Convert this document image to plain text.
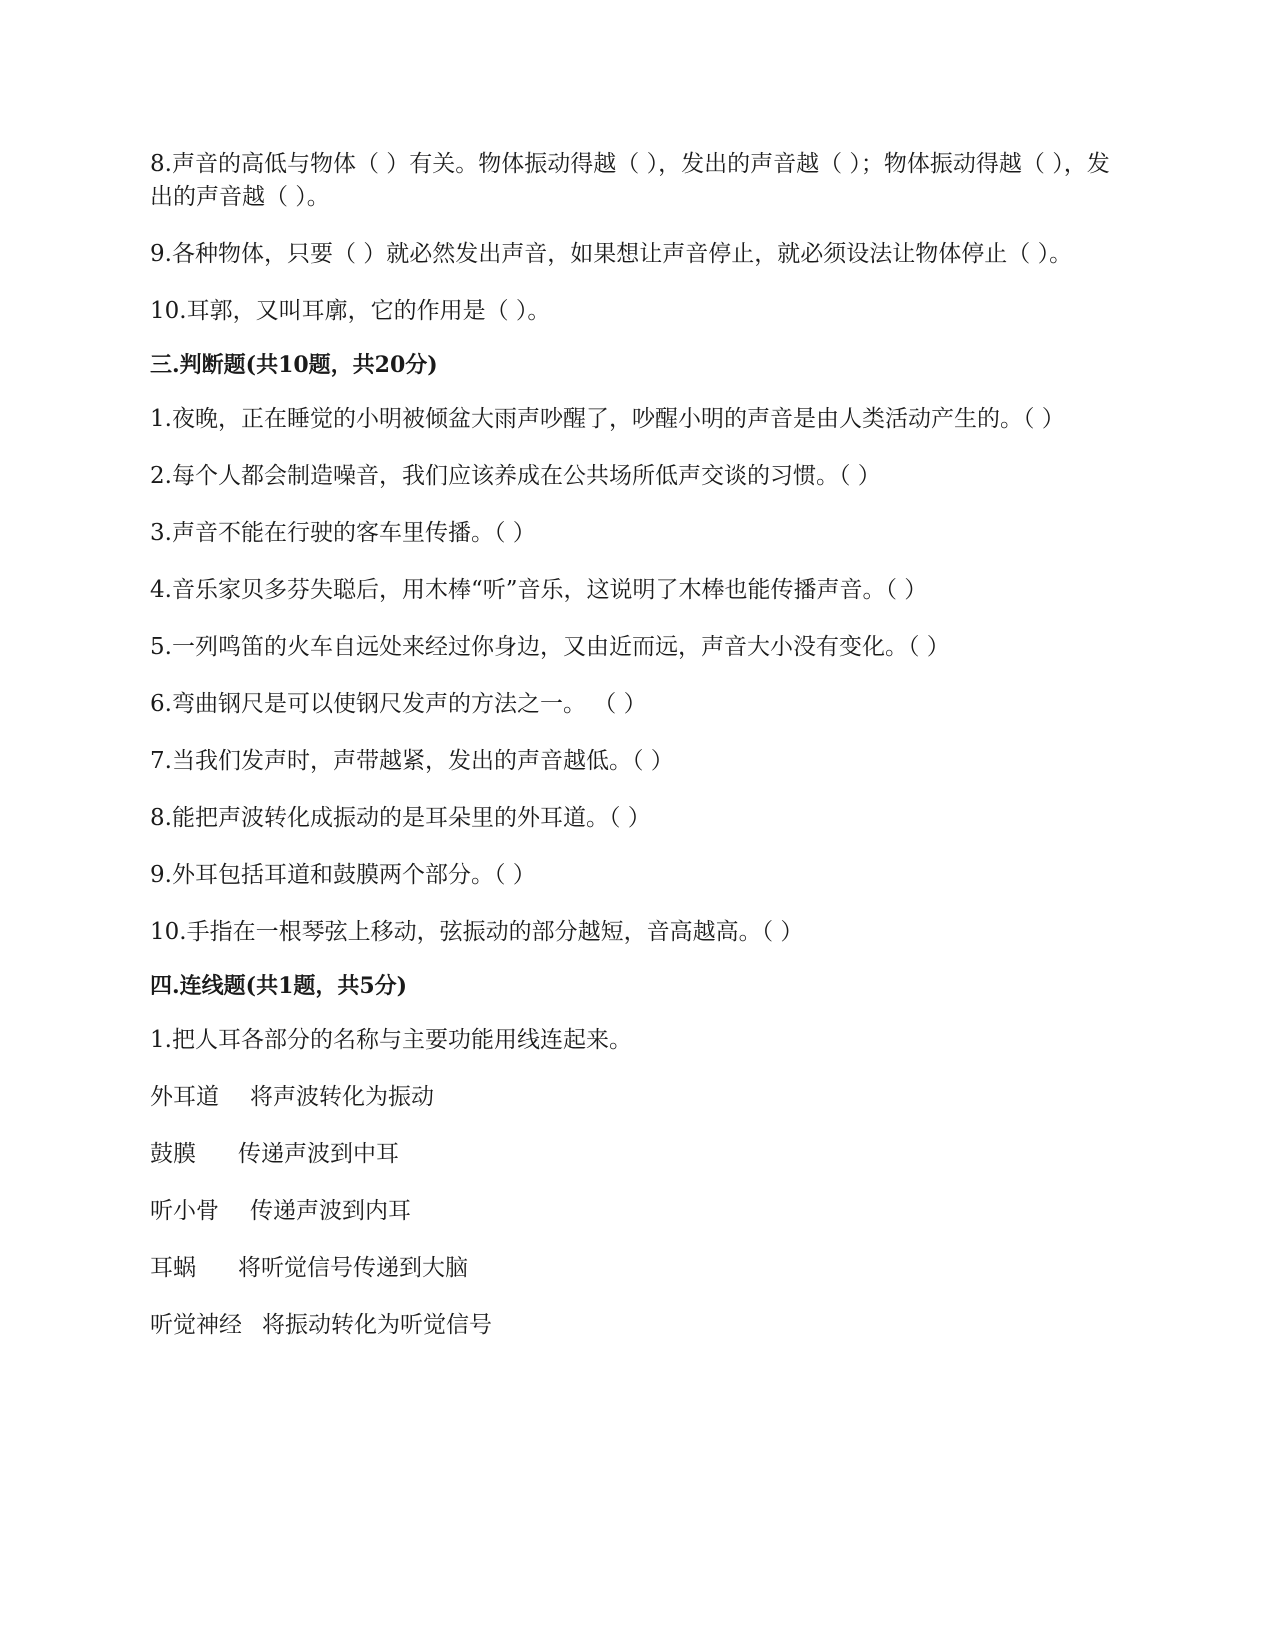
8.声音的高低与物体（ ）有关。物体振动得越（ ），发出的声音越（ ）；物体振动得越（ ），发出的声音越（ ）。

9.各种物体，只要（ ）就必然发出声音，如果想让声音停止，就必须设法让物体停止（ ）。

10.耳郭，又叫耳廓，它的作用是（ ）。

三.判断题(共10题，共20分)

1.夜晚，正在睡觉的小明被倾盆大雨声吵醒了，吵醒小明的声音是由人类活动产生的。（ ）

2.每个人都会制造噪音，我们应该养成在公共场所低声交谈的习惯。（ ）

3.声音不能在行驶的客车里传播。（ ）

4.音乐家贝多芬失聪后，用木棒“听”音乐，这说明了木棒也能传播声音。（ ）

5.一列鸣笛的火车自远处来经过你身边，又由近而远，声音大小没有变化。（ ）

6.弯曲钢尺是可以使钢尺发声的方法之一。 （ ）

7.当我们发声时，声带越紧，发出的声音越低。（ ）

8.能把声波转化成振动的是耳朵里的外耳道。（ ）

9.外耳包括耳道和鼓膜两个部分。（ ）

10.手指在一根琴弦上移动，弦振动的部分越短，音高越高。（ ）

四.连线题(共1题，共5分)

1.把人耳各部分的名称与主要功能用线连起来。

外耳道 将声波转化为振动

鼓膜 传递声波到中耳

听小骨 传递声波到内耳

耳蜗 将听觉信号传递到大脑

听觉神经 将振动转化为听觉信号
